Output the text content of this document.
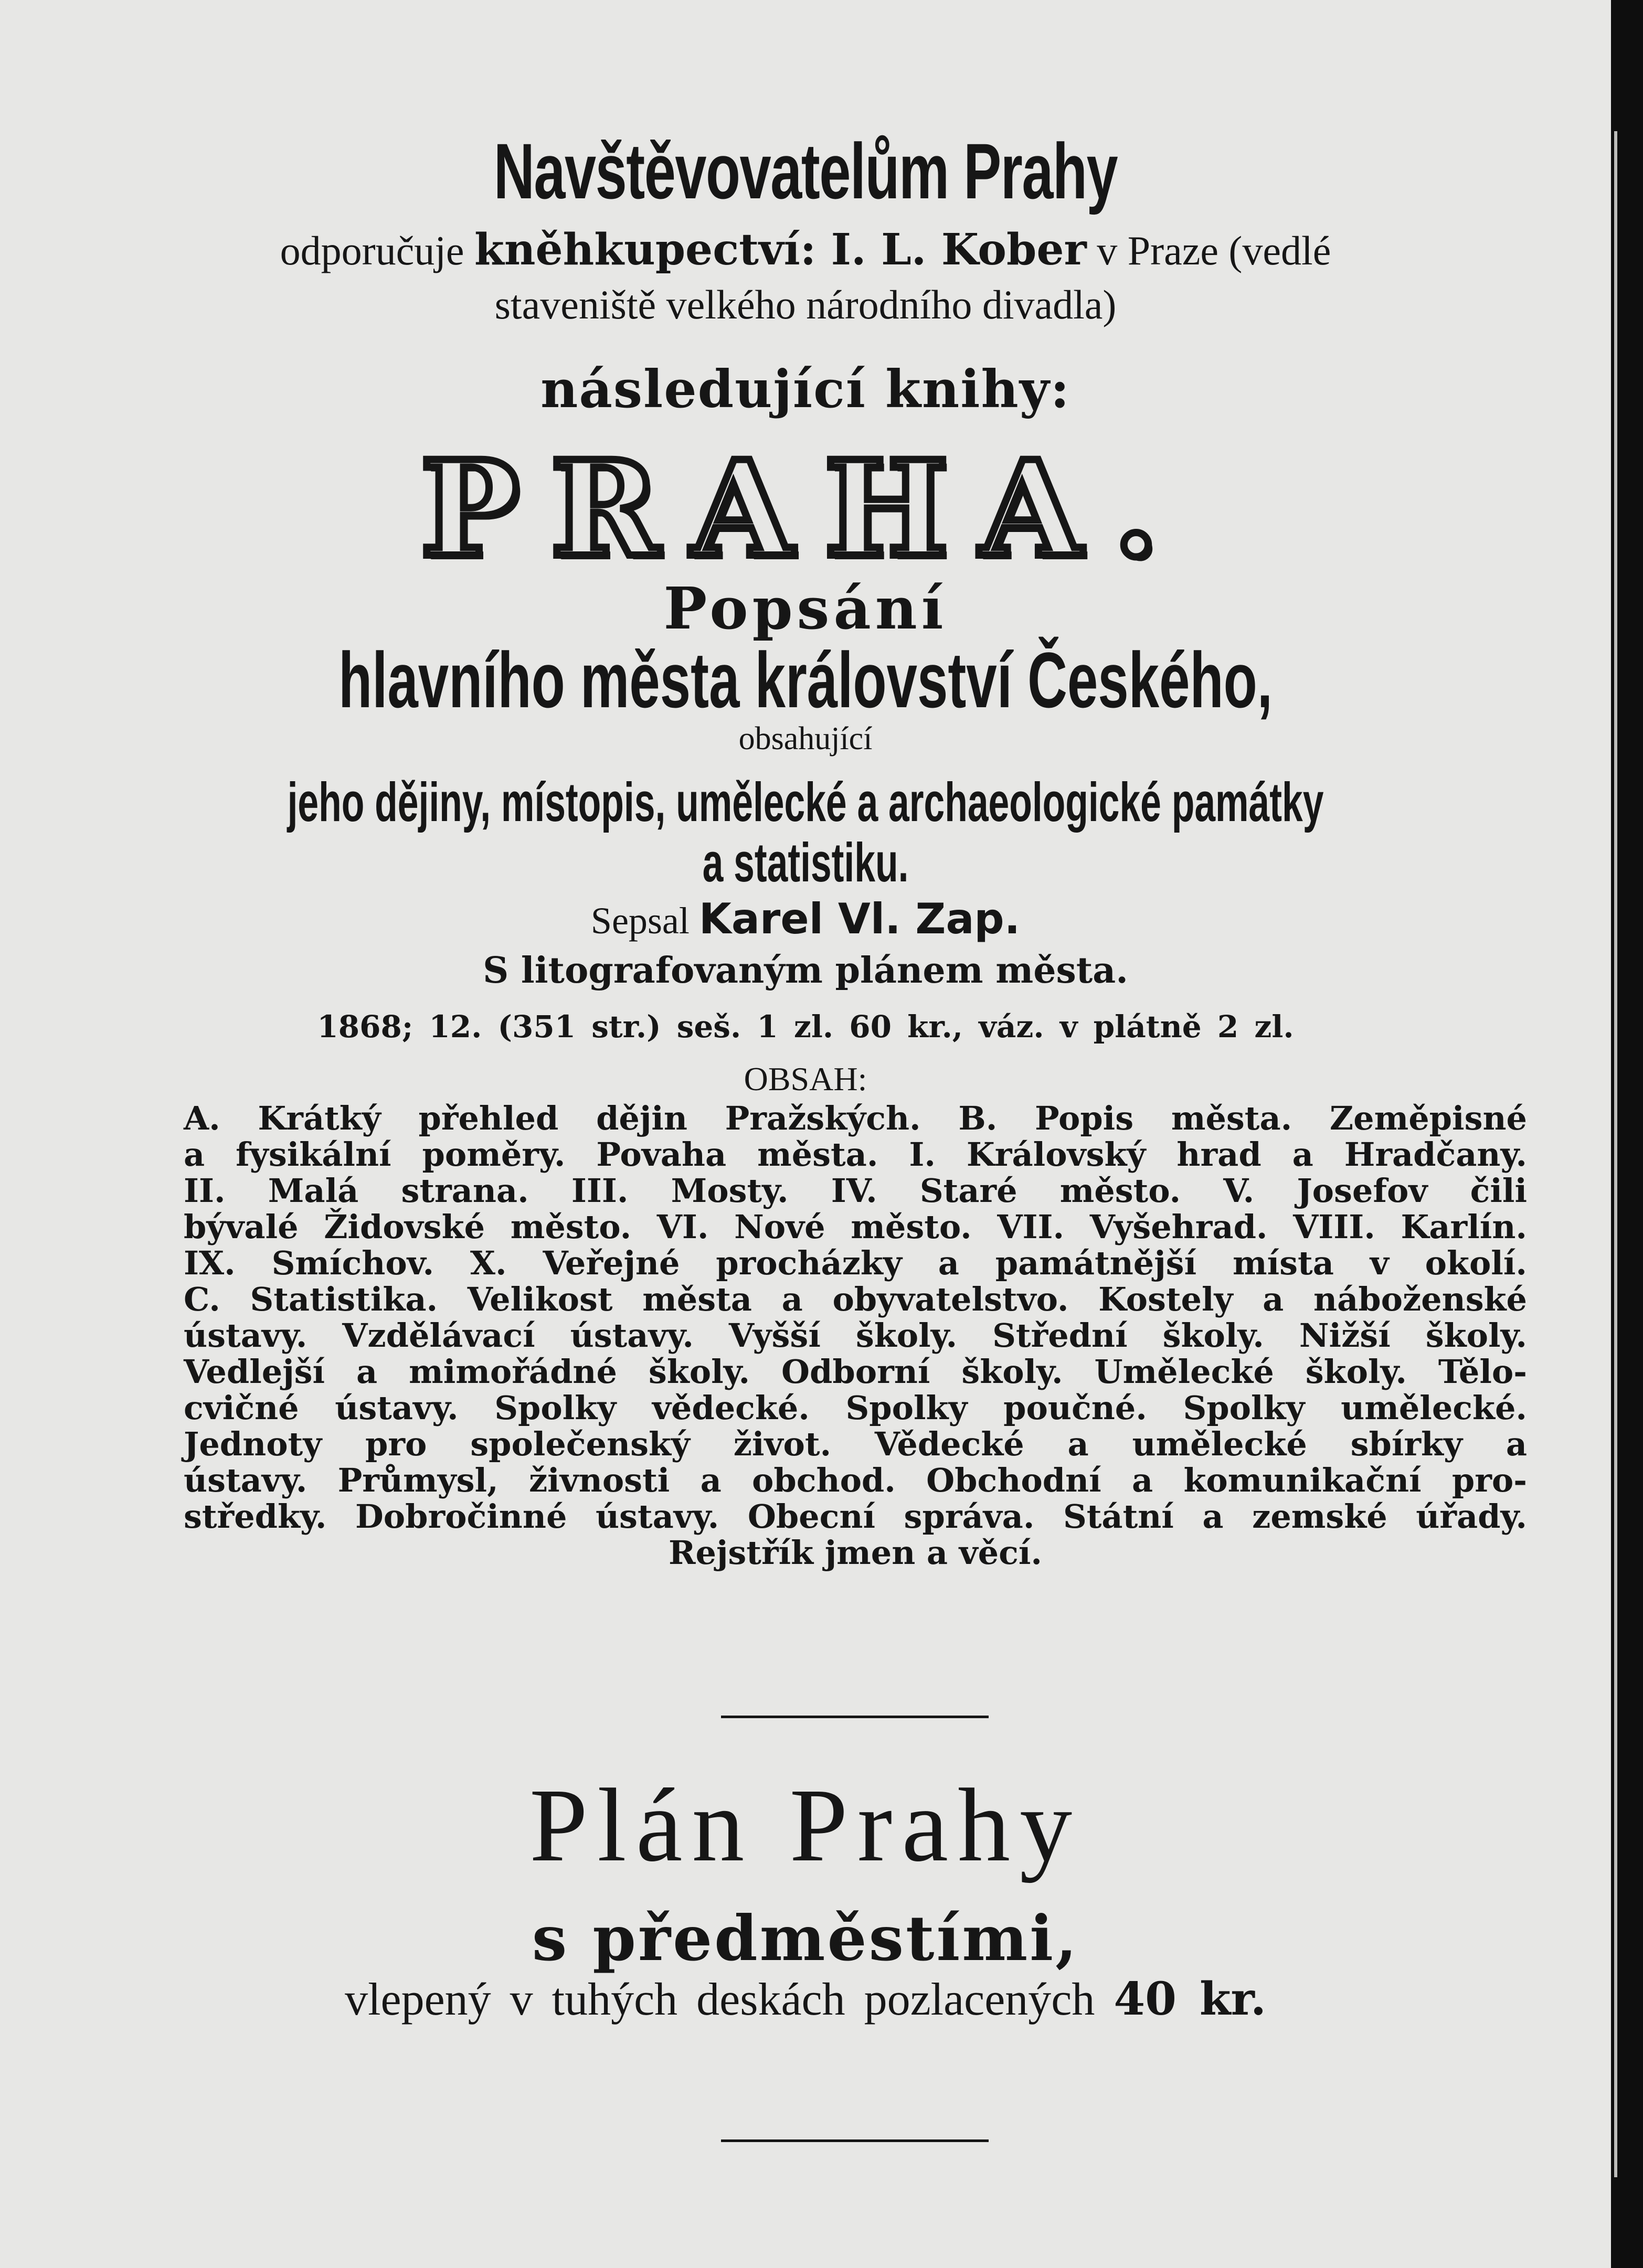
Navštěvovatelům Prahy
odporučuje kněhkupectví: I. L. Kober v Praze (vedlé
staveniště velkého národního divadla)
následující knihy:
PRAHA.
Popsání
hlavního města království Českého,
obsahující
jeho dějiny, místopis, umělecké a archaeologické památky
a statistiku.
Sepsal Karel Vl. Zap.
S litografovaným plánem města.
1868; 12. (351 str.) seš. 1 zl. 60 kr., váz. v plátně 2 zl.
OBSAH:
A. Krátký přehled dějin Pražských. B. Popis města. Zeměpisné
a fysikální poměry. Povaha města. I. Královský hrad a Hradčany.
II. Malá strana. III. Mosty. IV. Staré město. V. Josefov čili
bývalé Židovské město. VI. Nové město. VII. Vyšehrad. VIII. Karlín.
IX. Smíchov. X. Veřejné procházky a památnější místa v okolí.
C. Statistika. Velikost města a obyvatelstvo. Kostely a náboženské
ústavy. Vzdělávací ústavy. Vyšší školy. Střední školy. Nižší školy.
Vedlejší a mimořádné školy. Odborní školy. Umělecké školy. Tělo-
cvičné ústavy. Spolky vědecké. Spolky poučné. Spolky umělecké.
Jednoty pro společenský život. Vědecké a umělecké sbírky a
ústavy. Průmysl, živnosti a obchod. Obchodní a komunikační pro-
středky. Dobročinné ústavy. Obecní správa. Státní a zemské úřady.
Rejstřík jmen a věcí.
Plán Prahy
s předměstími,
vlepený v tuhých deskách pozlacených 40 kr.
